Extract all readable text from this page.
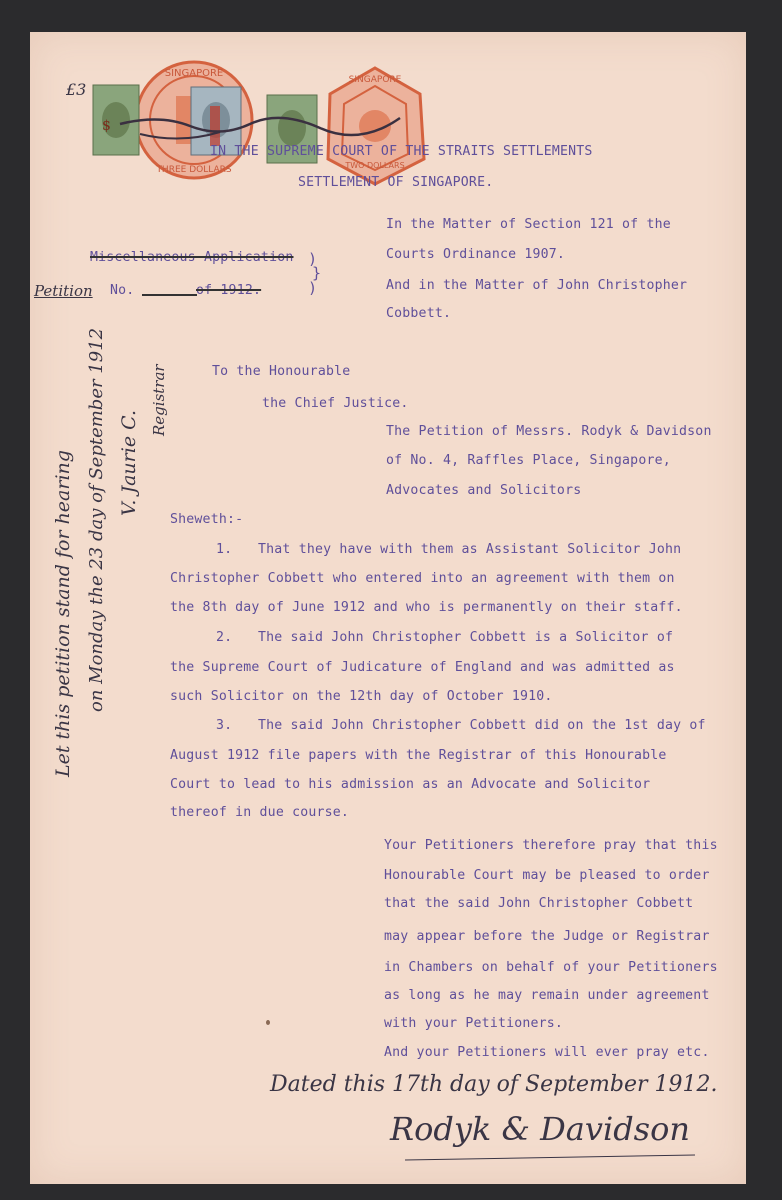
£3
SINGAPORE
THREE DOLLARS
$
SINGAPORE
TWO DOLLARS
IN THE SUPREME COURT OF THE STRAITS SETTLEMENTS
SETTLEMENT OF SINGAPORE.
In the Matter of Section 121 of the
Courts Ordinance 1907.
And in the Matter of John Christopher
Cobbett.
Miscellaneous Application )
}
)
No.	of 1912.
Petition
Let this petition stand for hearing on Monday the 23 day of September 1912 V. Jaurie C.
Registrar	To the Honourable
the Chief Justice.
The Petition of Messrs. Rodyk & Davidson
of No. 4, Raffles Place, Singapore,
Advocates and Solicitors
Sheweth:-
1. That they have with them as Assistant Solicitor John
Christopher Cobbett who entered into an agreement with them on
the 8th day of June 1912 and who is permanently on their staff.
2. The said John Christopher Cobbett is a Solicitor of
the Supreme Court of Judicature of England and was admitted as
such Solicitor on the 12th day of October 1910.
3. The said John Christopher Cobbett did on the 1st day of
August 1912 file papers with the Registrar of this Honourable
Court to lead to his admission as an Advocate and Solicitor
thereof in due course.
Your Petitioners therefore pray that this
Honourable Court may be pleased to order
that the said John Christopher Cobbett
may appear before the Judge or Registrar
in Chambers on behalf of your Petitioners
as long as he may remain under agreement
with your Petitioners.
And your Petitioners will ever pray etc.
Dated this 17th day of September 1912.
Rodyk & Davidson
